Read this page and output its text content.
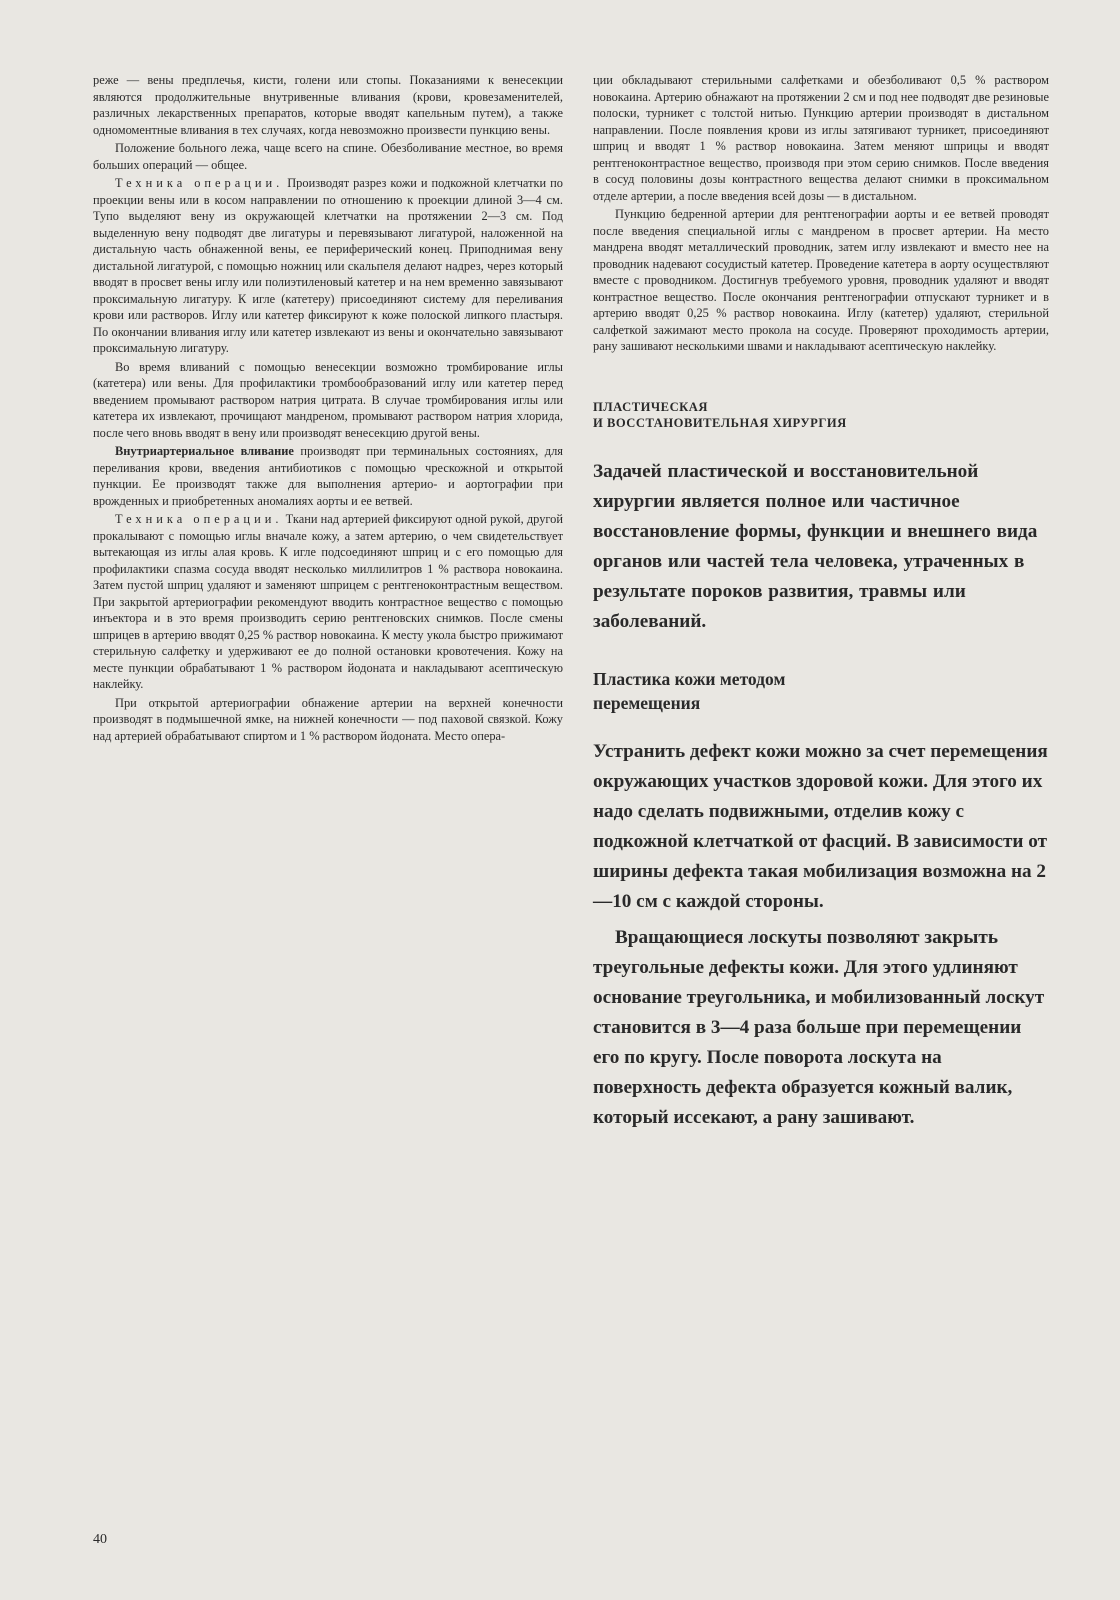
реже — вены предплечья, кисти, голени или стопы. Показаниями к венесекции являются продолжительные внутривенные вливания (крови, кровезаменителей, различных лекарственных препаратов, которые вводят капельным путем), а также одномоментные вливания в тех случаях, когда невозможно произвести пункцию вены.

Положение больного лежа, чаще всего на спине. Обезболивание местное, во время больших операций — общее.

Техника операции. Производят разрез кожи и подкожной клетчатки по проекции вены или в косом направлении по отношению к проекции длиной 3—4 см. Тупо выделяют вену из окружающей клетчатки на протяжении 2—3 см. Под выделенную вену подводят две лигатуры и перевязывают лигатурой, наложенной на дистальную часть обнаженной вены, ее периферический конец. Приподнимая вену дистальной лигатурой, с помощью ножниц или скальпеля делают надрез, через который вводят в просвет вены иглу или полиэтиленовый катетер и на нем временно завязывают проксимальную лигатуру. К игле (катетеру) присоединяют систему для переливания крови или растворов. Иглу или катетер фиксируют к коже полоской липкого пластыря. По окончании вливания иглу или катетер извлекают из вены и окончательно завязывают проксимальную лигатуру.

Во время вливаний с помощью венесекции возможно тромбирование иглы (катетера) или вены. Для профилактики тромбообразований иглу или катетер перед введением промывают раствором натрия цитрата. В случае тромбирования иглы или катетера их извлекают, прочищают мандреном, промывают раствором натрия хлорида, после чего вновь вводят в вену или производят венесекцию другой вены.

Внутриартериальное вливание производят при терминальных состояниях, для переливания крови, введения антибиотиков с помощью чрескожной и открытой пункции. Ее производят также для выполнения артерио- и аортографии при врожденных и приобретенных аномалиях аорты и ее ветвей.

Техника операции. Ткани над артерией фиксируют одной рукой, другой прокалывают с помощью иглы вначале кожу, а затем артерию, о чем свидетельствует вытекающая из иглы алая кровь. К игле подсоединяют шприц и с его помощью для профилактики спазма сосуда вводят несколько миллилитров 1 % раствора новокаина. Затем пустой шприц удаляют и заменяют шприцем с рентгеноконтрастным веществом. При закрытой артериографии рекомендуют вводить контрастное вещество с помощью инъектора и в это время производить серию рентгеновских снимков. После смены шприцев в артерию вводят 0,25 % раствор новокаина. К месту укола быстро прижимают стерильную салфетку и удерживают ее до полной остановки кровотечения. Кожу на месте пункции обрабатывают 1 % раствором йодоната и накладывают асептическую наклейку.

При открытой артериографии обнажение артерии на верхней конечности производят в подмышечной ямке, на нижней конечности — под паховой связкой. Кожу над артерией обрабатывают спиртом и 1 % раствором йодоната. Место опера-

ции обкладывают стерильными салфетками и обезболивают 0,5 % раствором новокаина. Артерию обнажают на протяжении 2 см и под нее подводят две резиновые полоски, турникет с толстой нитью. Пункцию артерии производят в дистальном направлении. После появления крови из иглы затягивают турникет, присоединяют шприц и вводят 1 % раствор новокаина. Затем меняют шприцы и вводят рентгеноконтрастное вещество, производя при этом серию снимков. После введения в сосуд половины дозы контрастного вещества делают снимки в проксимальном отделе артерии, а после введения всей дозы — в дистальном.

Пункцию бедренной артерии для рентгенографии аорты и ее ветвей проводят после введения специальной иглы с мандреном в просвет артерии. На место мандрена вводят металлический проводник, затем иглу извлекают и вместо нее на проводник надевают сосудистый катетер. Проведение катетера в аорту осуществляют вместе с проводником. Достигнув требуемого уровня, проводник удаляют и вводят контрастное вещество. После окончания рентгенографии отпускают турникет и в артерию вводят 0,25 % раствор новокаина. Иглу (катетер) удаляют, стерильной салфеткой зажимают место прокола на сосуде. Проверяют проходимость артерии, рану зашивают несколькими швами и накладывают асептическую наклейку.

ПЛАСТИЧЕСКАЯ
И ВОССТАНОВИТЕЛЬНАЯ ХИРУРГИЯ

Задачей пластической и восстановительной хирургии является полное или частичное восстановление формы, функции и внешнего вида органов или частей тела человека, утраченных в результате пороков развития, травмы или заболеваний.

Пластика кожи методом
перемещения

Устранить дефект кожи можно за счет перемещения окружающих участков здоровой кожи. Для этого их надо сделать подвижными, отделив кожу с подкожной клетчаткой от фасций. В зависимости от ширины дефекта такая мобилизация возможна на 2—10 см с каждой стороны.

Вращающиеся лоскуты позволяют закрыть треугольные дефекты кожи. Для этого удлиняют основание треугольника, и мобилизованный лоскут становится в 3—4 раза больше при перемещении его по кругу. После поворота лоскута на поверхность дефекта образуется кожный валик, который иссекают, а рану зашивают.

40
